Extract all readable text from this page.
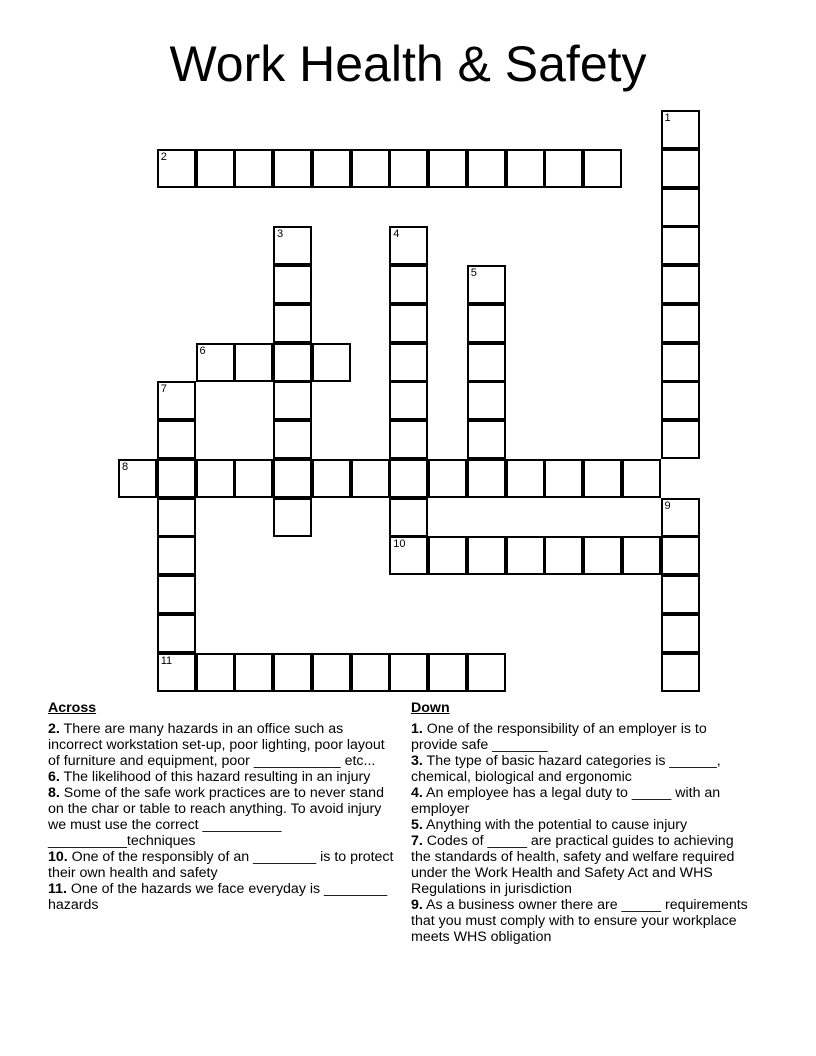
Work Health & Safety
1
2
3	4
10
5
6
7
11
8
9
Across
2. There are many hazards in an office such as incorrect workstation set-up, poor lighting, poor layout of furniture and equipment, poor ___________ etc...
6. The likelihood of this hazard resulting in an injury
8. Some of the safe work practices are to never stand on the char or table to reach anything. To avoid injury we must use the correct __________ __________techniques
10. One of the responsibly of an ________ is to protect their own health and safety
11. One of the hazards we face everyday is ________ hazards
Down
1. One of the responsibility of an employer is to provide safe _______
3. The type of basic hazard categories is ______, chemical, biological and ergonomic
4. An employee has a legal duty to _____ with an employer
5. Anything with the potential to cause injury
7. Codes of _____ are practical guides to achieving the standards of health, safety and welfare required under the Work Health and Safety Act and WHS Regulations in jurisdiction
9. As a business owner there are _____ requirements that you must comply with to ensure your workplace meets WHS obligation
